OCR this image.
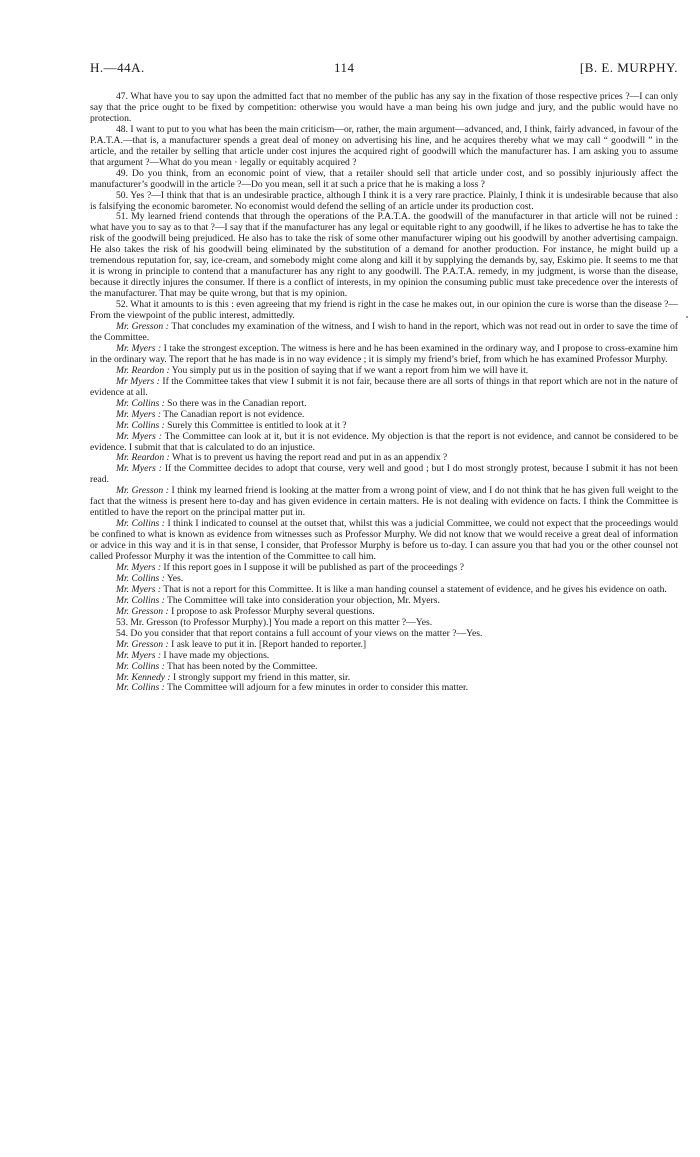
H.—44A.	114	[B. E. MURPHY.

47. What have you to say upon the admitted fact that no member of the public has any say in the fixation of those respective prices ?—I can only say that the price ought to be fixed by competition: otherwise you would have a man being his own judge and jury, and the public would have no protection.

48. I want to put to you what has been the main criticism—or, rather, the main argument—advanced, and, I think, fairly advanced, in favour of the P.A.T.A.—that is, a manufacturer spends a great deal of money on advertising his line, and he acquires thereby what we may call “ goodwill ” in the article, and the retailer by selling that article under cost injures the acquired right of goodwill which the manufacturer has. I am asking you to assume that argument ?—What do you mean · legally or equitably acquired ?

49. Do you think, from an economic point of view, that a retailer should sell that article under cost, and so possibly injuriously affect the manufacturer’s goodwill in the article ?—Do you mean, sell it at such a price that he is making a loss ?

50. Yes ?—I think that that is an undesirable practice, although I think it is a very rare practice. Plainly, I think it is undesirable because that also is falsifying the economic barometer. No economist would defend the selling of an article under its production cost.

51. My learned friend contends that through the operations of the P.A.T.A. the goodwill of the manufacturer in that article will not be ruined : what have you to say as to that ?—I say that if the manufacturer has any legal or equitable right to any goodwill, if he likes to advertise he has to take the risk of the goodwill being prejudiced. He also has to take the risk of some other manufacturer wiping out his goodwill by another advertising campaign. He also takes the risk of his goodwill being eliminated by the substitution of a demand for another production. For instance, he might build up a tremendous reputation for, say, ice-cream, and somebody might come along and kill it by supplying the demands by, say, Eskimo pie. It seems to me that it is wrong in principle to contend that a manufacturer has any right to any goodwill. The P.A.T.A. remedy, in my judgment, is worse than the disease, because it directly injures the consumer. If there is a conflict of interests, in my opinion the consuming public must take precedence over the interests of the manufacturer. That may be quite wrong, but that is my opinion.

52. What it amounts to is this : even agreeing that my friend is right in the case he makes out, in our opinion the cure is worse than the disease ?—From the viewpoint of the public interest, admittedly.

Mr. Gresson : That concludes my examination of the witness, and I wish to hand in the report, which was not read out in order to save the time of the Committee.

Mr. Myers : I take the strongest exception. The witness is here and he has been examined in the ordinary way, and I propose to cross-examine him in the ordinary way. The report that he has made is in no way evidence ; it is simply my friend’s brief, from which he has examined Professor Murphy.

Mr. Reardon : You simply put us in the position of saying that if we want a report from him we will have it.

Mr Myers : If the Committee takes that view I submit it is not fair, because there are all sorts of things in that report which are not in the nature of evidence at all.

Mr. Collins : So there was in the Canadian report.

Mr. Myers : The Canadian report is not evidence.

Mr. Collins : Surely this Committee is entitled to look at it ?

Mr. Myers : The Committee can look at it, but it is not evidence. My objection is that the report is not evidence, and cannot be considered to be evidence. I submit that that is calculated to do an injustice.

Mr. Reardon : What is to prevent us having the report read and put in as an appendix ?

Mr. Myers : If the Committee decides to adopt that course, very well and good ; but I do most strongly protest, because I submit it has not been read.

Mr. Gresson : I think my learned friend is looking at the matter from a wrong point of view, and I do not think that he has given full weight to the fact that the witness is present here to-day and has given evidence in certain matters. He is not dealing with evidence on facts. I think the Committee is entitled to have the report on the principal matter put in.

Mr. Collins : I think I indicated to counsel at the outset that, whilst this was a judicial Committee, we could not expect that the proceedings would be confined to what is known as evidence from witnesses such as Professor Murphy. We did not know that we would receive a great deal of information or advice in this way and it is in that sense, I consider, that Professor Murphy is before us to-day. I can assure you that had you or the other counsel not called Professor Murphy it was the intention of the Committee to call him.

Mr. Myers : If this report goes in I suppose it will be published as part of the proceedings ?

Mr. Collins : Yes.

Mr. Myers : That is not a report for this Committee. It is like a man handing counsel a statement of evidence, and he gives his evidence on oath.

Mr. Collins : The Committee will take into consideration your objection, Mr. Myers.

Mr. Gresson : I propose to ask Professor Murphy several questions.

53. Mr. Gresson (to Professor Murphy).] You made a report on this matter ?—Yes.

54. Do you consider that that report contains a full account of your views on the matter ?—Yes.

Mr. Gresson : I ask leave to put it in. [Report handed to reporter.]

Mr. Myers : I have made my objections.

Mr. Collins : That has been noted by the Committee.

Mr. Kennedy : I strongly support my friend in this matter, sir.

Mr. Collins : The Committee will adjourn for a few minutes in order to consider this matter.
